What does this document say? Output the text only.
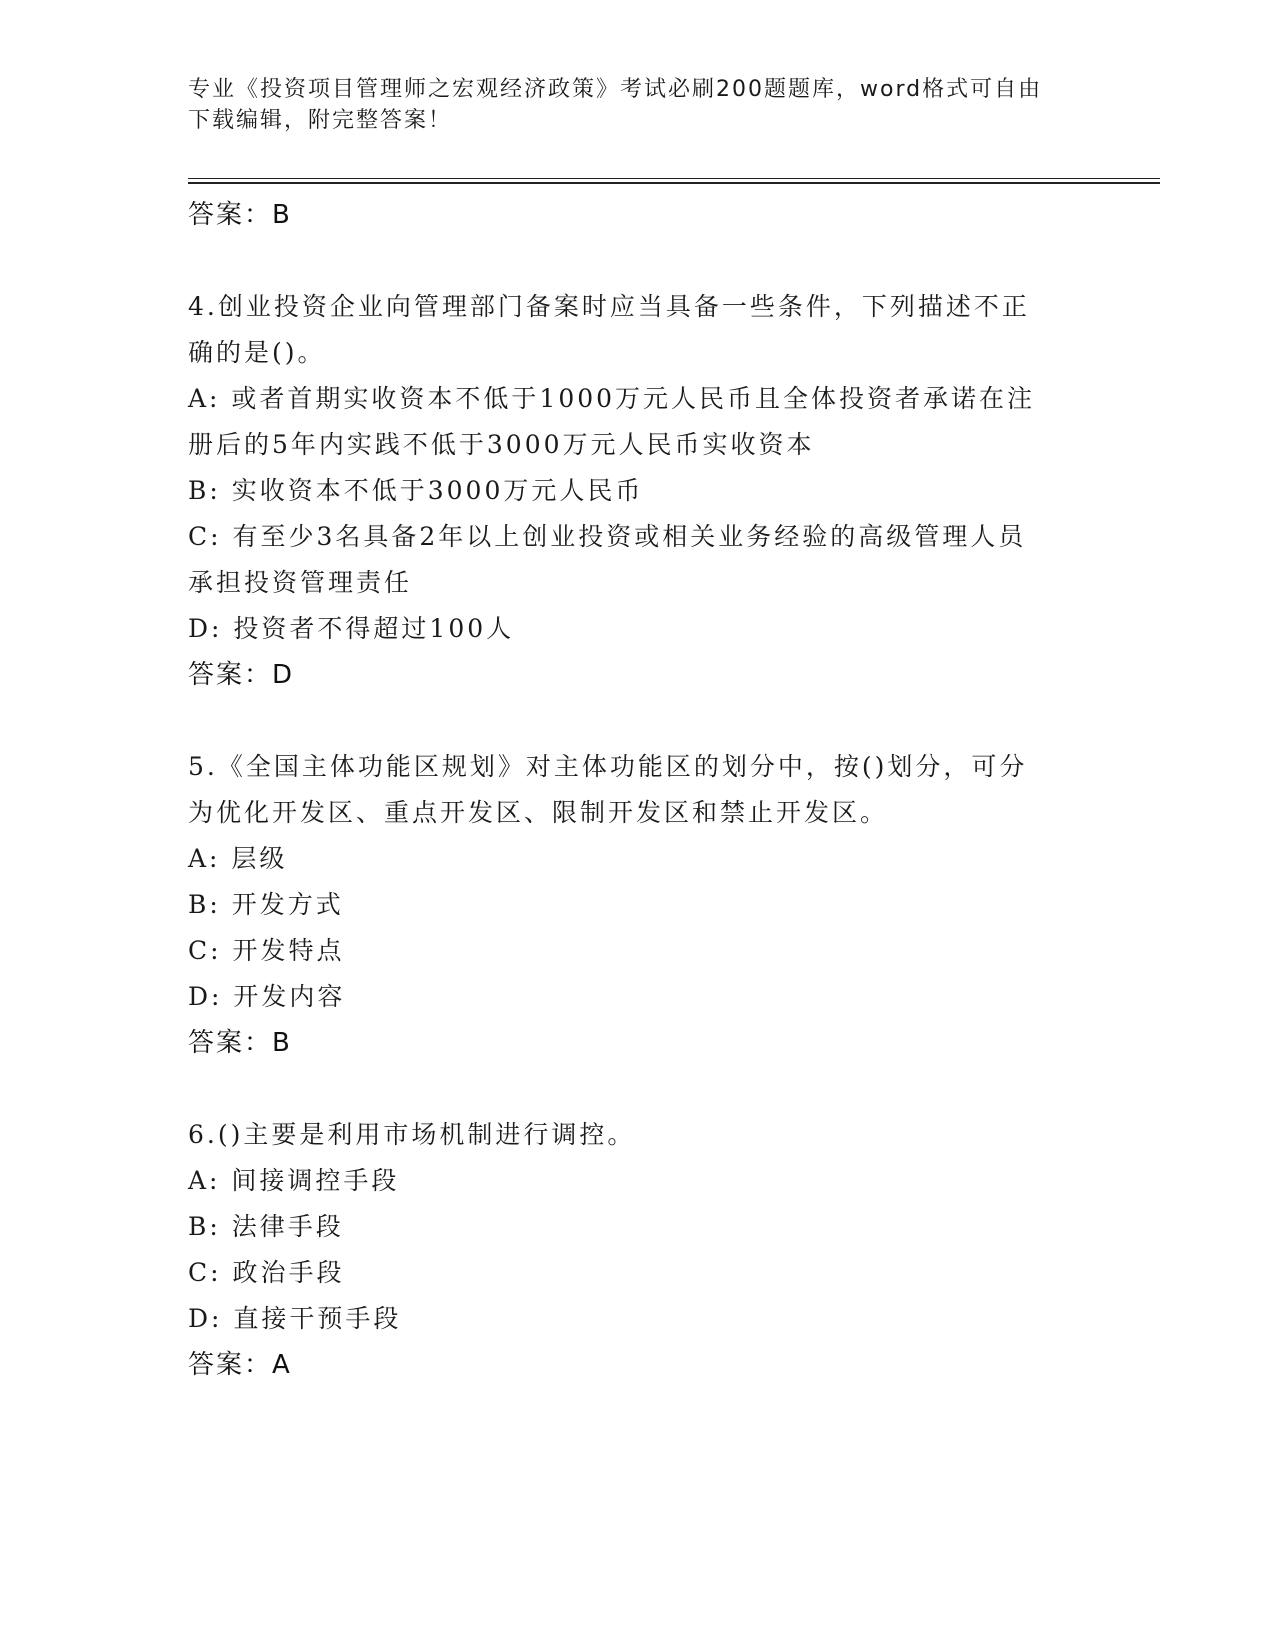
专业《投资项目管理师之宏观经济政策》考试必刷200题题库，word格式可自由
下载编辑，附完整答案！
答案：B
4.创业投资企业向管理部门备案时应当具备一些条件，下列描述不正
确的是()。
A: 或者首期实收资本不低于1000万元人民币且全体投资者承诺在注
册后的5年内实践不低于3000万元人民币实收资本
B: 实收资本不低于3000万元人民币
C: 有至少3名具备2年以上创业投资或相关业务经验的高级管理人员
承担投资管理责任
D: 投资者不得超过100人
答案：D
5.《全国主体功能区规划》对主体功能区的划分中，按()划分，可分
为优化开发区、重点开发区、限制开发区和禁止开发区。
A: 层级
B: 开发方式
C: 开发特点
D: 开发内容
答案：B
6.()主要是利用市场机制进行调控。
A: 间接调控手段
B: 法律手段
C: 政治手段
D: 直接干预手段
答案：A
